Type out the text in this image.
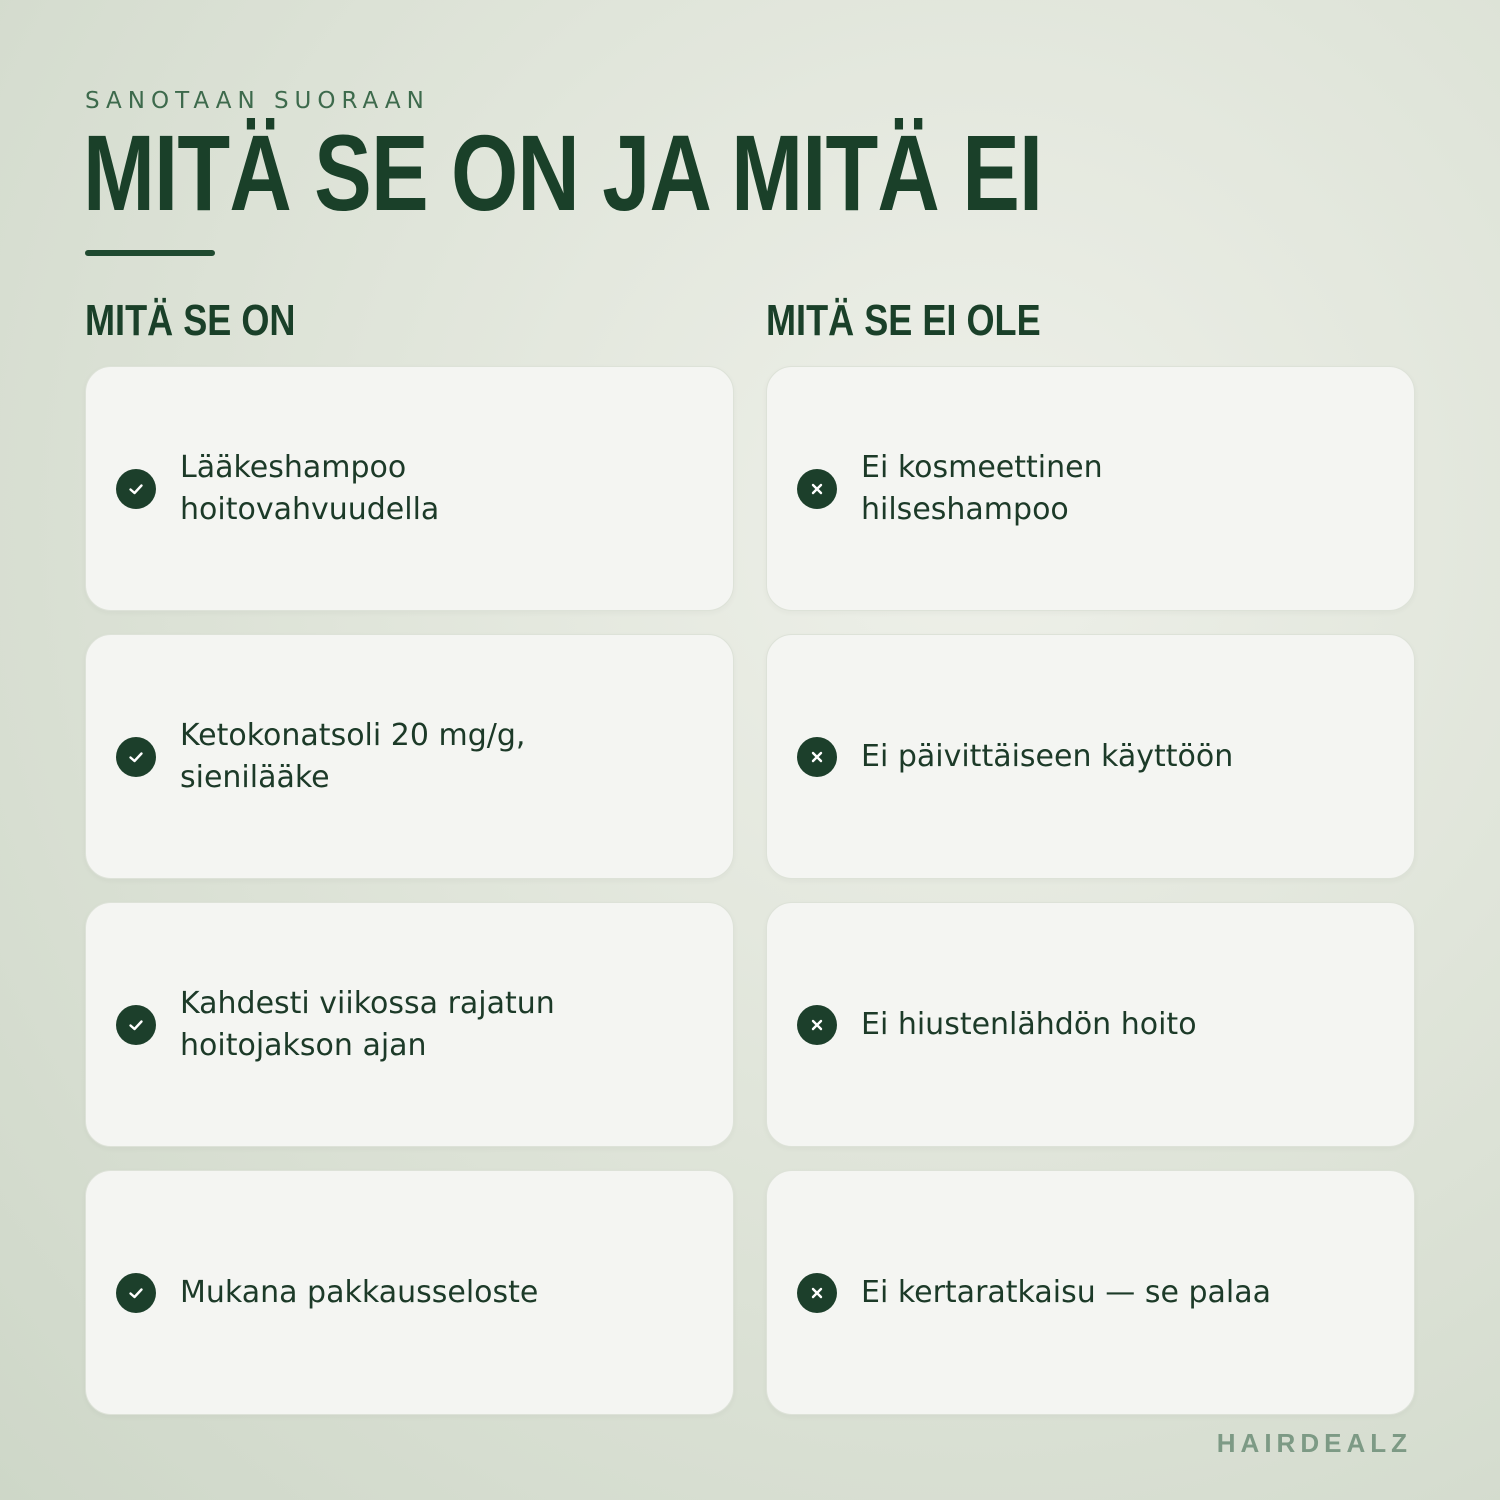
SANOTAAN SUORAAN
MITÄ SE ON JA MITÄ EI
MITÄ SE ON	MITÄ SE EI OLE
Lääkeshampoo hoitovahvuudella
Ketokonatsoli 20 mg/g, sienilääke
Kahdesti viikossa rajatun hoitojakson ajan
Mukana pakkausseloste
Ei kosmeettinen hilseshampoo
Ei päivittäiseen käyttöön
Ei hiustenlähdön hoito
Ei kertaratkaisu — se palaa
HAIRDEALZ
